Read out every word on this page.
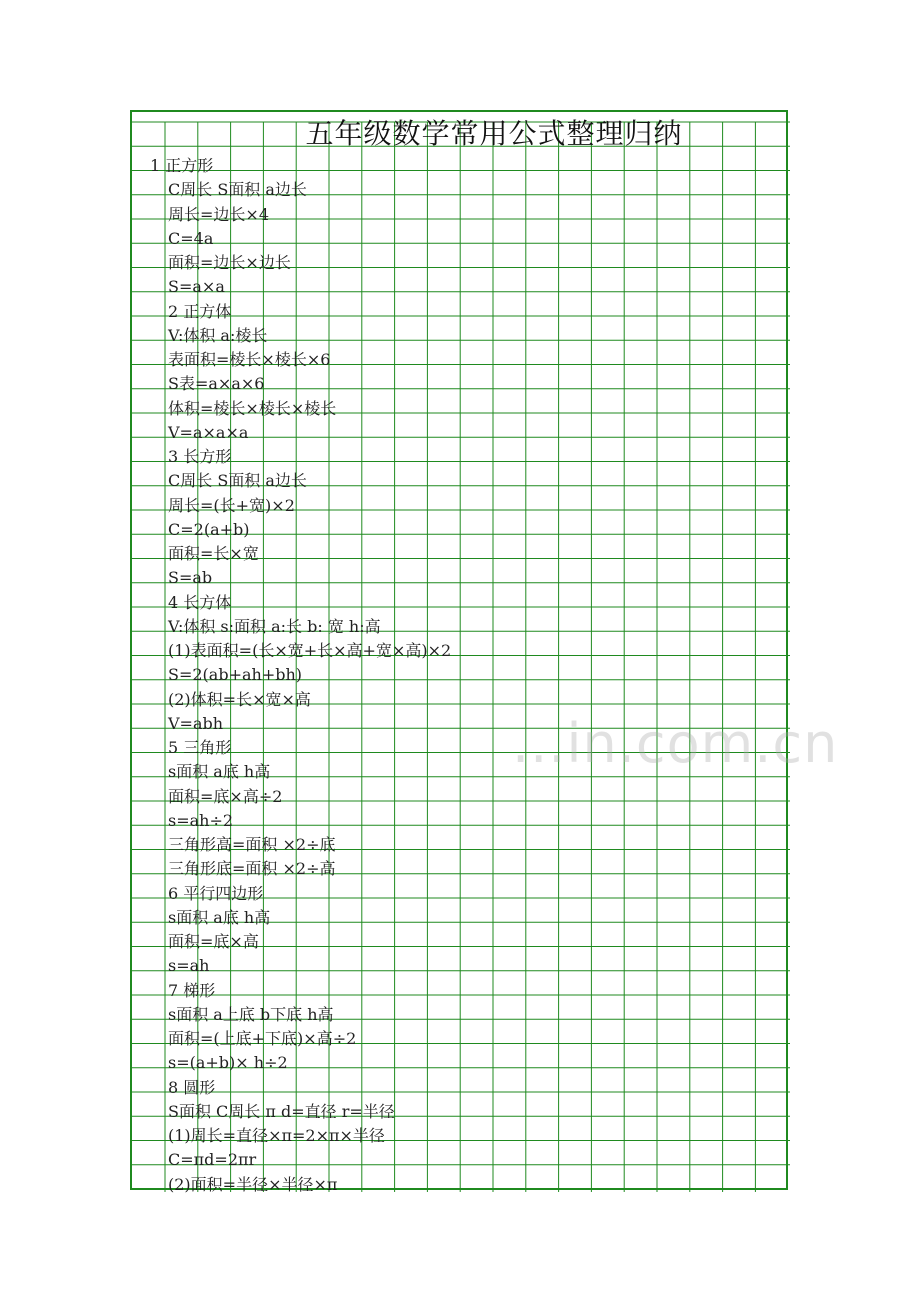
五年级数学常用公式整理归纳
1 正方形
C周长 S面积 a边长
周长=边长×4
C=4a
面积=边长×边长
S=a×a
2 正方体
V:体积 a:棱长
表面积=棱长×棱长×6
S表=a×a×6
体积=棱长×棱长×棱长
V=a×a×a
3 长方形
C周长 S面积 a边长
周长=(长+宽)×2
C=2(a+b)
面积=长×宽
S=ab
4 长方体
V:体积 s:面积 a:长 b: 宽 h:高
(1)表面积=(长×宽+长×高+宽×高)×2
S=2(ab+ah+bh)
(2)体积=长×宽×高
V=abh
5 三角形
s面积 a底 h高
面积=底×高÷2
s=ah÷2
三角形高=面积 ×2÷底
三角形底=面积 ×2÷高
6 平行四边形
s面积 a底 h高
面积=底×高
s=ah
7 梯形
s面积 a上底 b下底 h高
面积=(上底+下底)×高÷2
s=(a+b)× h÷2
8 圆形
S面积 C周长 π d=直径 r=半径
(1)周长=直径×π=2×π×半径
C=πd=2πr
(2)面积=半径×半径×π
...in.com.cn
